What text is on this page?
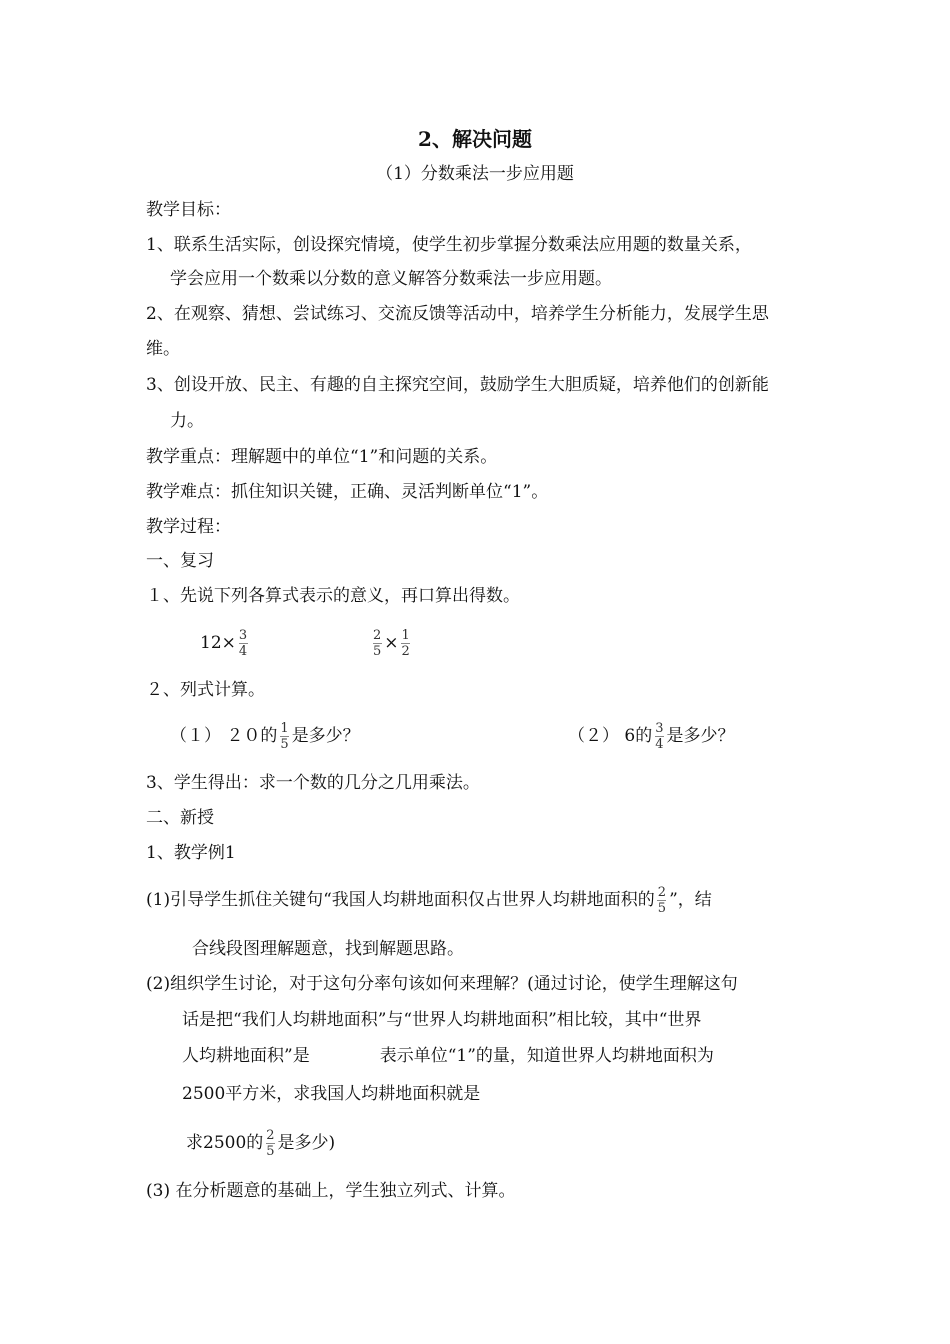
2、解决问题
（1）分数乘法一步应用题
教学目标：
1、联系生活实际，创设探究情境，使学生初步掌握分数乘法应用题的数量关系，
学会应用一个数乘以分数的意义解答分数乘法一步应用题。
2、在观察、猜想、尝试练习、交流反馈等活动中，培养学生分析能力，发展学生思
维。
3、创设开放、民主、有趣的自主探究空间，鼓励学生大胆质疑，培养他们的创新能
力。
教学重点：理解题中的单位“1”和问题的关系。
教学难点：抓住知识关键，正确、灵活判断单位“1”。
教学过程：
一、复习
１、先说下列各算式表示的意义，再口算出得数。
$12\times \frac{3}{4}$	$\frac{2}{5} \times \frac{1}{2}$
２、列式计算。
（１） ２０的 $\frac{1}{5}$ 是多少？	（２） 6的 $\frac{3}{4}$ 是多少？
3、学生得出：求一个数的几分之几用乘法。
二、新授
1、教学例1
(1)引导学生抓住关键句“我国人均耕地面积仅占世界人均耕地面积的 $\frac{2}{5}$ ”，结
合线段图理解题意，找到解题思路。
(2)组织学生讨论，对于这句分率句该如何来理解？(通过讨论，使学生理解这句
话是把“我们人均耕地面积”与“世界人均耕地面积”相比较，其中“世界
人均耕地面积”是	表示单位“1”的量，知道世界人均耕地面积为
2500平方米，求我国人均耕地面积就是
求2500的 $\frac{2}{5}$ 是多少)
(3) 在分析题意的基础上，学生独立列式、计算。
